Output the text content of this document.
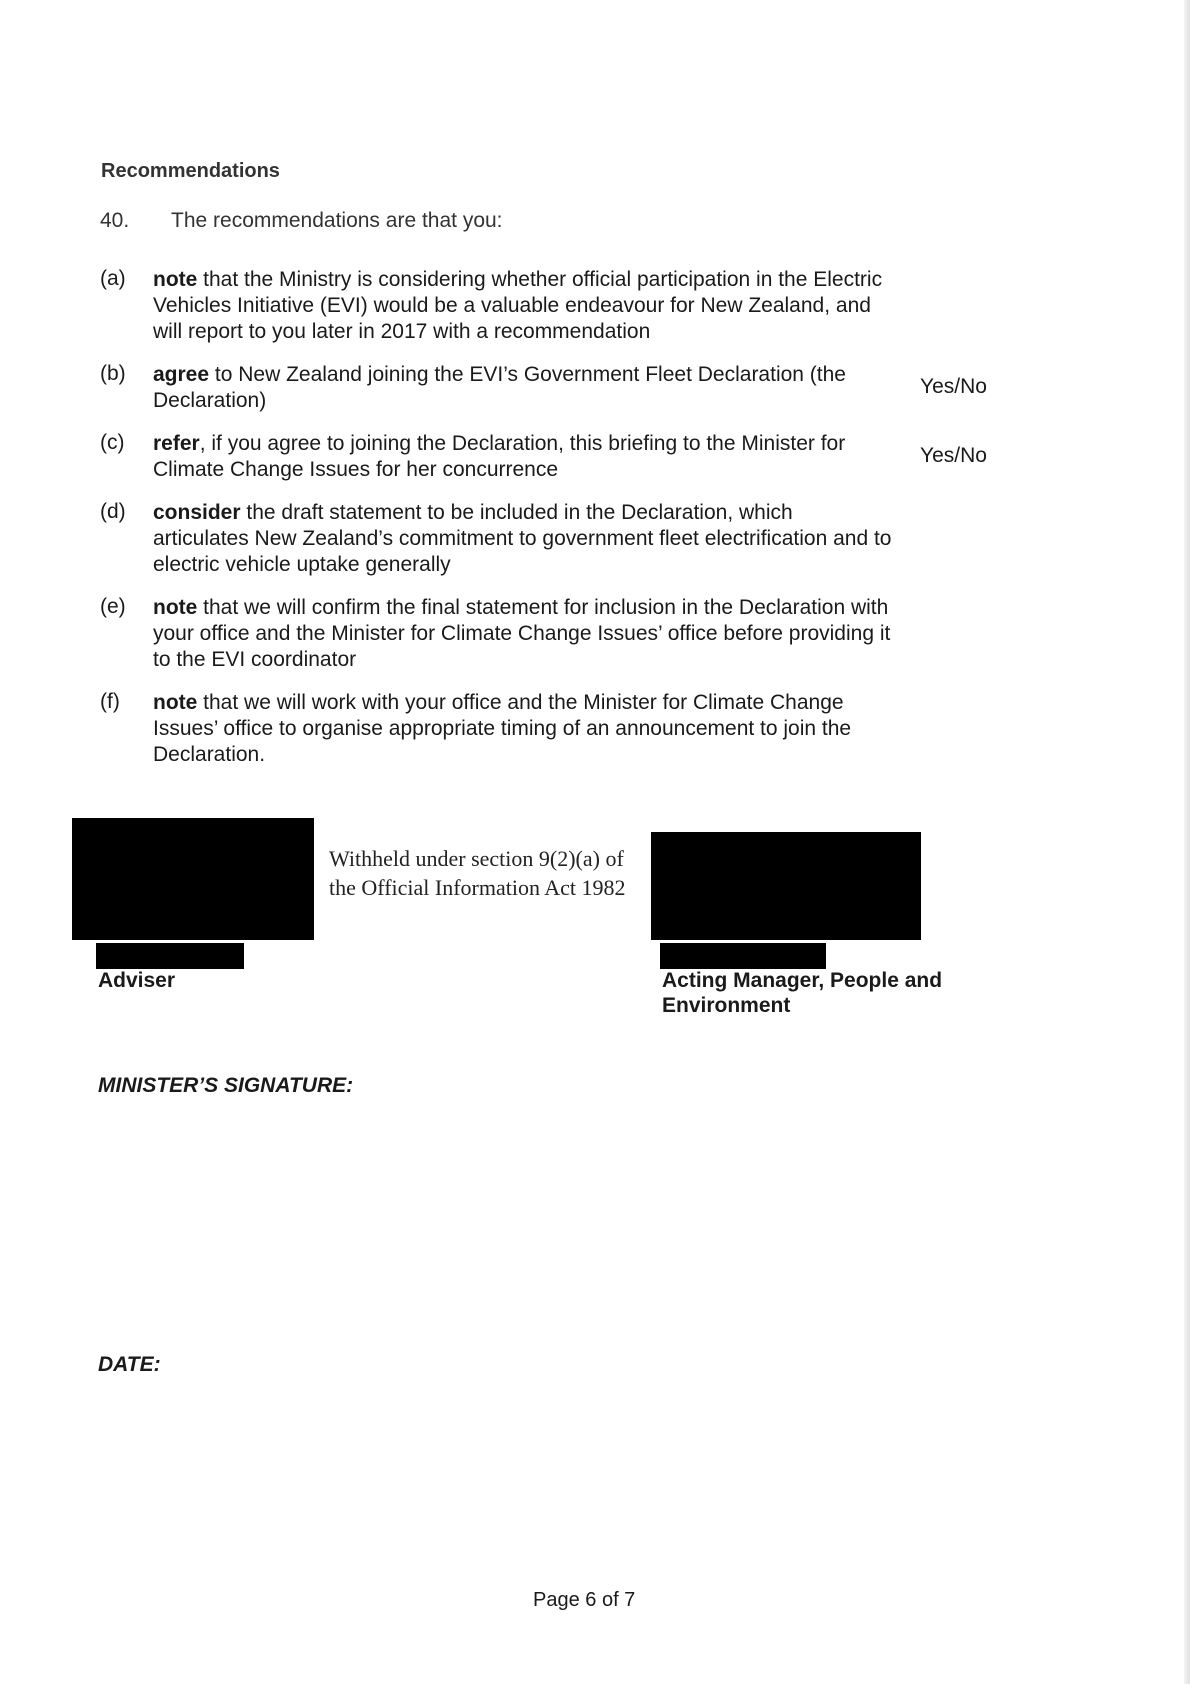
Recommendations
40. The recommendations are that you:
(a) note that the Ministry is considering whether official participation in the Electric Vehicles Initiative (EVI) would be a valuable endeavour for New Zealand, and will report to you later in 2017 with a recommendation
(b) agree to New Zealand joining the EVI’s Government Fleet Declaration (the Declaration)
Yes/No
(c) refer, if you agree to joining the Declaration, this briefing to the Minister for Climate Change Issues for her concurrence
Yes/No
(d) consider the draft statement to be included in the Declaration, which articulates New Zealand’s commitment to government fleet electrification and to electric vehicle uptake generally
(e) note that we will confirm the final statement for inclusion in the Declaration with your office and the Minister for Climate Change Issues’ office before providing it to the EVI coordinator
(f) note that we will work with your office and the Minister for Climate Change Issues’ office to organise appropriate timing of an announcement to join the Declaration.
Withheld under section 9(2)(a) of the Official Information Act 1982
Adviser	Acting Manager, People and Environment
MINISTER’S SIGNATURE:
DATE:
Page 6 of 7
